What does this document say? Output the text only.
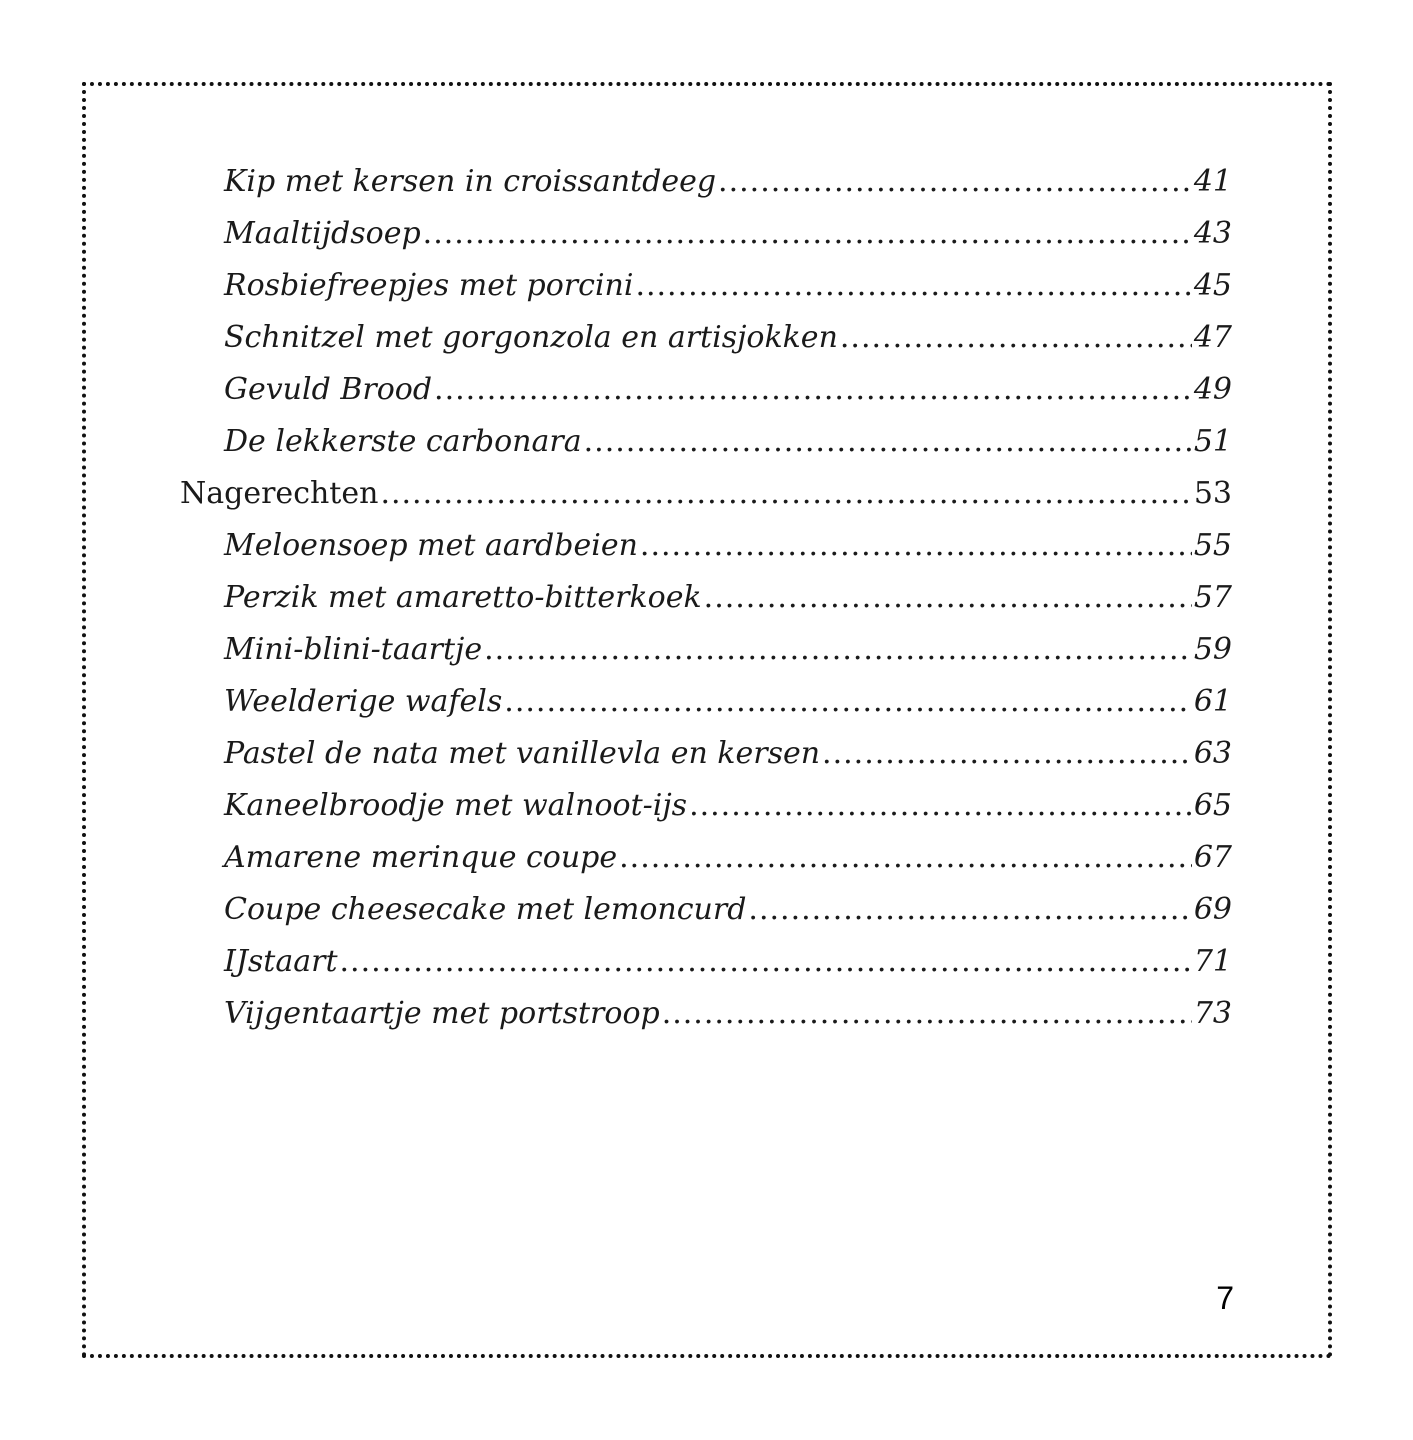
Kip met kersen in croissantdeeg .....	41
Maaltijdsoep .....	43
Rosbiefreepjes met porcini .....	45
Schnitzel met gorgonzola en artisjokken .....	47
Gevuld Brood .....	49
De lekkerste carbonara .....	51
Nagerechten .....	53
Meloensoep met aardbeien .....	55
Perzik met amaretto-bitterkoek .....	57
Mini-blini-taartje .....	59
Weelderige wafels .....	61
Pastel de nata met vanillevla en kersen .....	63
Kaneelbroodje met walnoot-ijs .....	65
Amarene merinque coupe .....	67
Coupe cheesecake met lemoncurd .....	69
IJstaart .....	71
Vijgentaartje met portstroop .....	73
7
